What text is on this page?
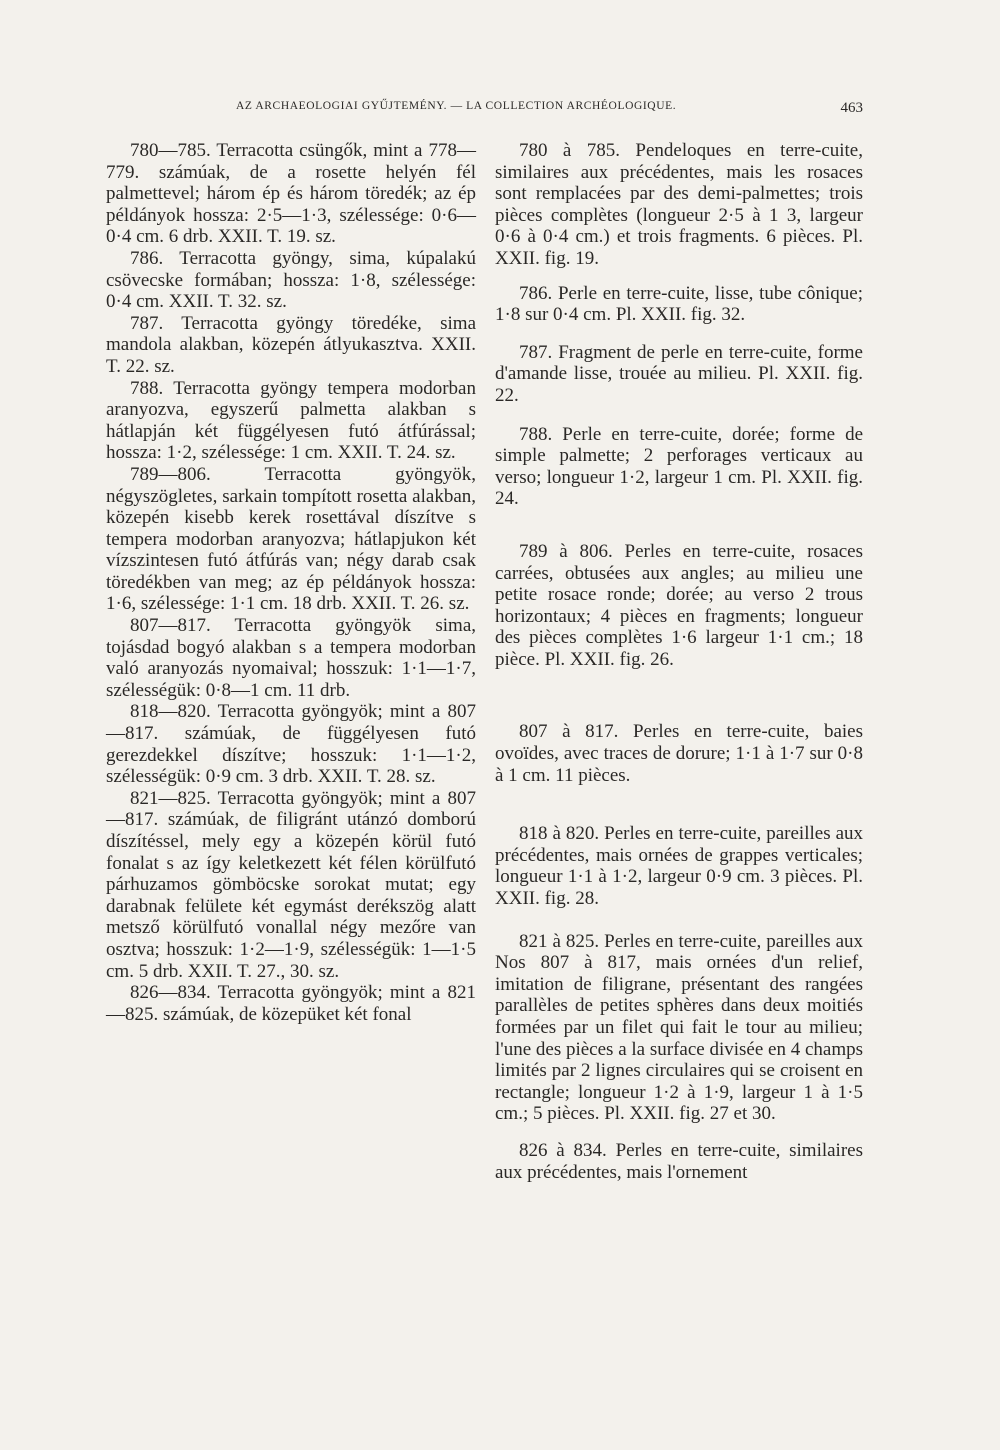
AZ ARCHAEOLOGIAI GYŰJTEMÉNY. — LA COLLECTION ARCHÉOLOGIQUE.	463

780—785. Terracotta csüngők, mint a 778—779. számúak, de a rosette helyén fél palmettevel; három ép és három töredék; az ép példányok hossza: 2·5—1·3, szélessége: 0·6—0·4 cm. 6 drb. XXII. T. 19. sz.

786. Terracotta gyöngy, sima, kúpalakú csövecske formában; hossza: 1·8, szélessége: 0·4 cm. XXII. T. 32. sz.

787. Terracotta gyöngy töredéke, sima mandola alakban, közepén átlyukasztva. XXII. T. 22. sz.

788. Terracotta gyöngy tempera modorban aranyozva, egyszerű palmetta alakban s hátlapján két függélyesen futó átfúrással; hossza: 1·2, szélessége: 1 cm. XXII. T. 24. sz.

789—806. Terracotta gyöngyök, négyszögletes, sarkain tompított rosetta alakban, közepén kisebb kerek rosettával díszítve s tempera modorban aranyozva; hátlapjukon két vízszintesen futó átfúrás van; négy darab csak töredékben van meg; az ép példányok hossza: 1·6, szélessége: 1·1 cm. 18 drb. XXII. T. 26. sz.

807—817. Terracotta gyöngyök sima, tojásdad bogyó alakban s a tempera modorban való aranyozás nyomaival; hosszuk: 1·1—1·7, szélességük: 0·8—1 cm. 11 drb.

818—820. Terracotta gyöngyök; mint a 807—817. számúak, de függélyesen futó gerezdekkel díszítve; hosszuk: 1·1—1·2, szélességük: 0·9 cm. 3 drb. XXII. T. 28. sz.

821—825. Terracotta gyöngyök; mint a 807—817. számúak, de filigránt utánzó domború díszítéssel, mely egy a közepén körül futó fonalat s az így keletkezett két félen körülfutó párhuzamos gömböcske sorokat mutat; egy darabnak felülete két egymást derékszög alatt metsző körülfutó vonallal négy mezőre van osztva; hosszuk: 1·2—1·9, szélességük: 1—1·5 cm. 5 drb. XXII. T. 27., 30. sz.

826—834. Terracotta gyöngyök; mint a 821—825. számúak, de közepüket két fonal

780 à 785. Pendeloques en terre-cuite, similaires aux précédentes, mais les rosaces sont remplacées par des demi-palmettes; trois pièces complètes (longueur 2·5 à 1 3, largeur 0·6 à 0·4 cm.) et trois fragments. 6 pièces. Pl. XXII. fig. 19.

786. Perle en terre-cuite, lisse, tube cônique; 1·8 sur 0·4 cm. Pl. XXII. fig. 32.

787. Fragment de perle en terre-cuite, forme d'amande lisse, trouée au milieu. Pl. XXII. fig. 22.

788. Perle en terre-cuite, dorée; forme de simple palmette; 2 perforages verticaux au verso; longueur 1·2, largeur 1 cm. Pl. XXII. fig. 24.

789 à 806. Perles en terre-cuite, rosaces carrées, obtusées aux angles; au milieu une petite rosace ronde; dorée; au verso 2 trous horizontaux; 4 pièces en fragments; longueur des pièces complètes 1·6 largeur 1·1 cm.; 18 pièce. Pl. XXII. fig. 26.

807 à 817. Perles en terre-cuite, baies ovoïdes, avec traces de dorure; 1·1 à 1·7 sur 0·8 à 1 cm. 11 pièces.

818 à 820. Perles en terre-cuite, pareilles aux précédentes, mais ornées de grappes verticales; longueur 1·1 à 1·2, largeur 0·9 cm. 3 pièces. Pl. XXII. fig. 28.

821 à 825. Perles en terre-cuite, pareilles aux Nos 807 à 817, mais ornées d'un relief, imitation de filigrane, présentant des rangées parallèles de petites sphères dans deux moitiés formées par un filet qui fait le tour au milieu; l'une des pièces a la surface divisée en 4 champs limités par 2 lignes circulaires qui se croisent en rectangle; longueur 1·2 à 1·9, largeur 1 à 1·5 cm.; 5 pièces. Pl. XXII. fig. 27 et 30.

826 à 834. Perles en terre-cuite, similaires aux précédentes, mais l'ornement
